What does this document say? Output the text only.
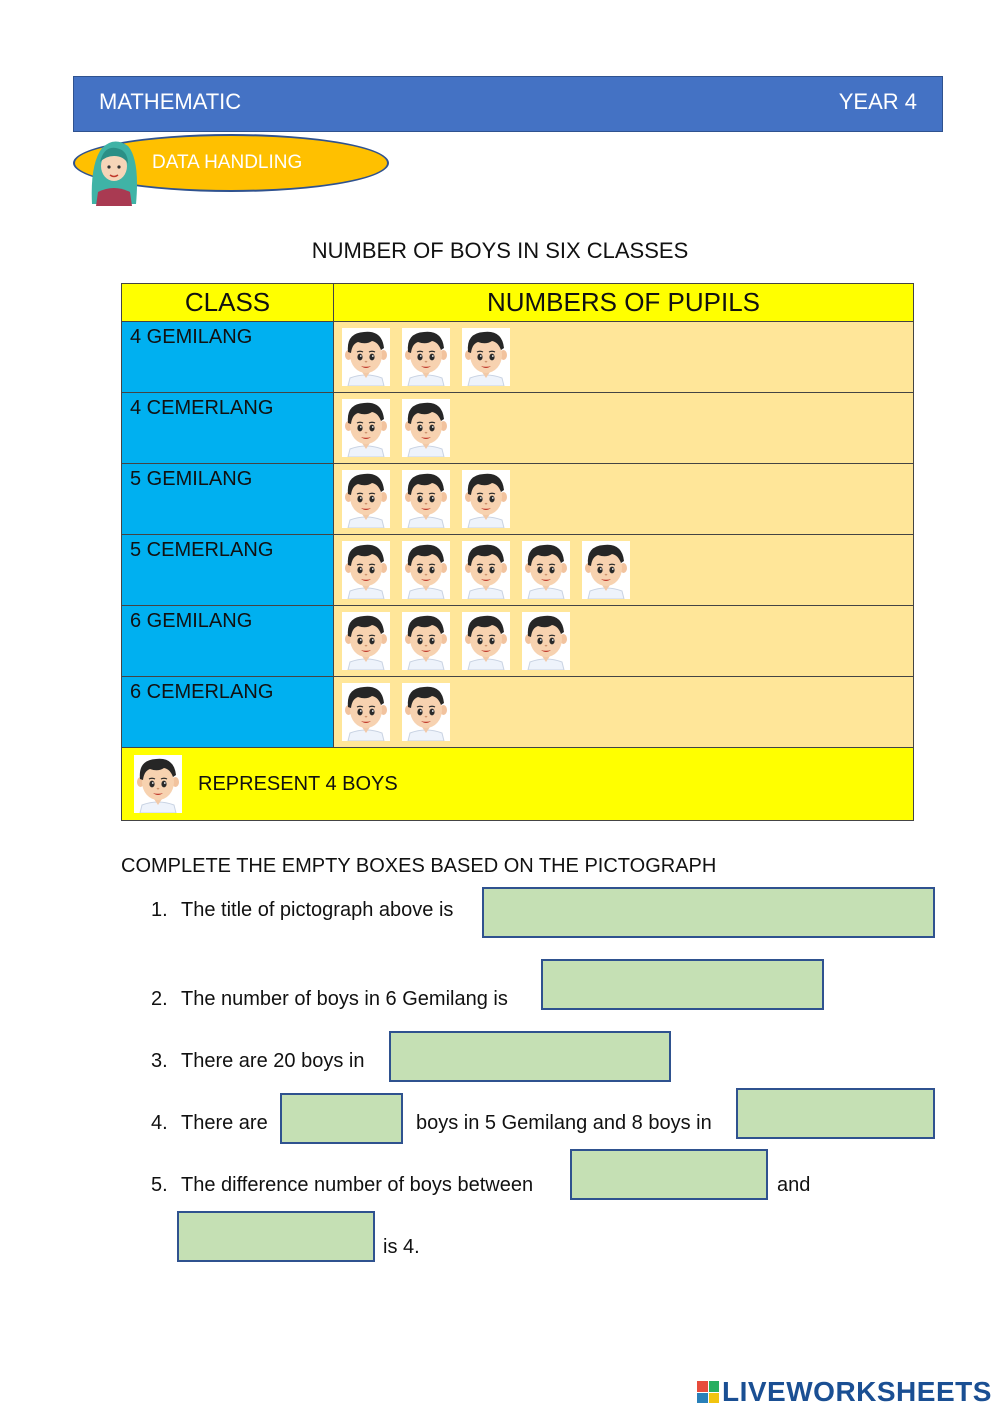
MATHEMATIC	YEAR 4
DATA HANDLING
NUMBER OF BOYS IN SIX CLASSES
CLASS	NUMBERS OF PUPILS
4 GEMILANG	

4 CEMERLANG	

5 GEMILANG	

5 CEMERLANG	

6 GEMILANG	

6 CEMERLANG	

REPRESENT 4 BOYS	
COMPLETE THE EMPTY BOXES BASED ON THE PICTOGRAPH
1. The title of pictograph above is
2. The number of boys in 6 Gemilang is
3. There are 20 boys in
4. There are	boys in 5 Gemilang and 8 boys in
5. The difference number of boys between	and
is 4.
LIVEWORKSHEETS
